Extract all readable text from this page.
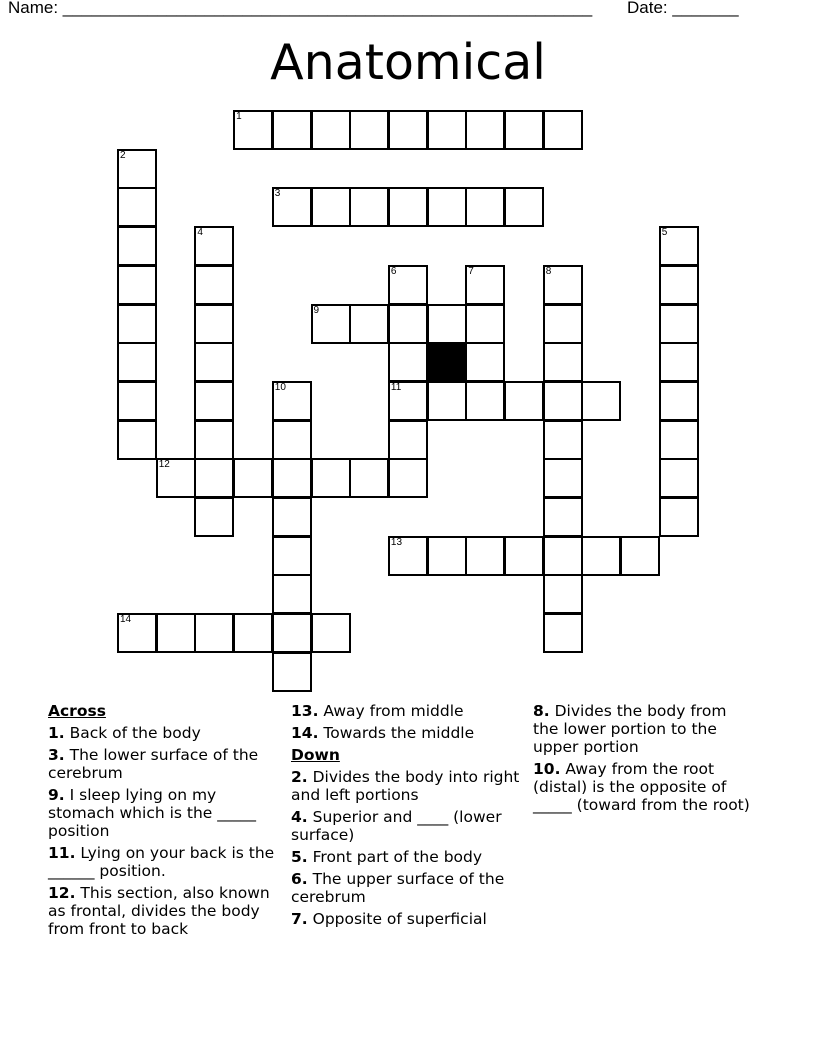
Name: ________________________________________________________ Date: _______
Anatomical
1
2
3
4	5
6
11
7	8
9
10
12
13
14
Across
1. Back of the body
3. The lower surface of the cerebrum
9. I sleep lying on my stomach which is the _____ position
11. Lying on your back is the ______ position.
12. This section, also known as frontal, divides the body from front to back
13. Away from middle
14. Towards the middle
Down
2. Divides the body into right and left portions
4. Superior and ____ (lower surface)
5. Front part of the body
6. The upper surface of the cerebrum
7. Opposite of superficial
8. Divides the body from the lower portion to the upper portion
10. Away from the root (distal) is the opposite of _____ (toward from the root)
